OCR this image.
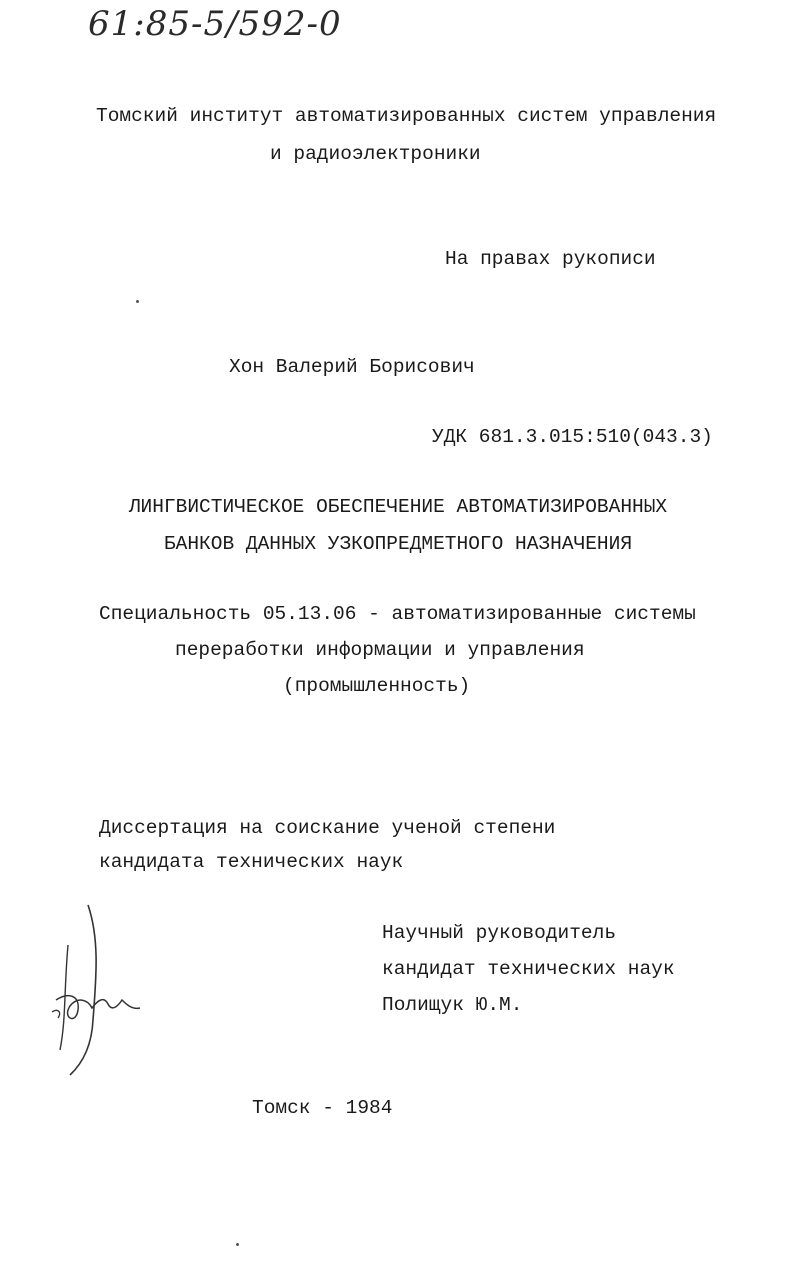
61:85-5/592-0
Томский институт автоматизированных систем управления
и радиоэлектроники
На правах рукописи
Хон Валерий Борисович
УДК 681.3.015:510(043.3)
ЛИНГВИСТИЧЕСКОЕ ОБЕСПЕЧЕНИЕ АВТОМАТИЗИРОВАННЫХ
БАНКОВ ДАННЫХ УЗКОПРЕДМЕТНОГО НАЗНАЧЕНИЯ
Специальность 05.13.06 - автоматизированные системы
переработки информации и управления
(промышленность)
Диссертация на соискание ученой степени
кандидата технических наук
Научный руководитель
кандидат технических наук
Полищук Ю.М.
Томск - 1984
